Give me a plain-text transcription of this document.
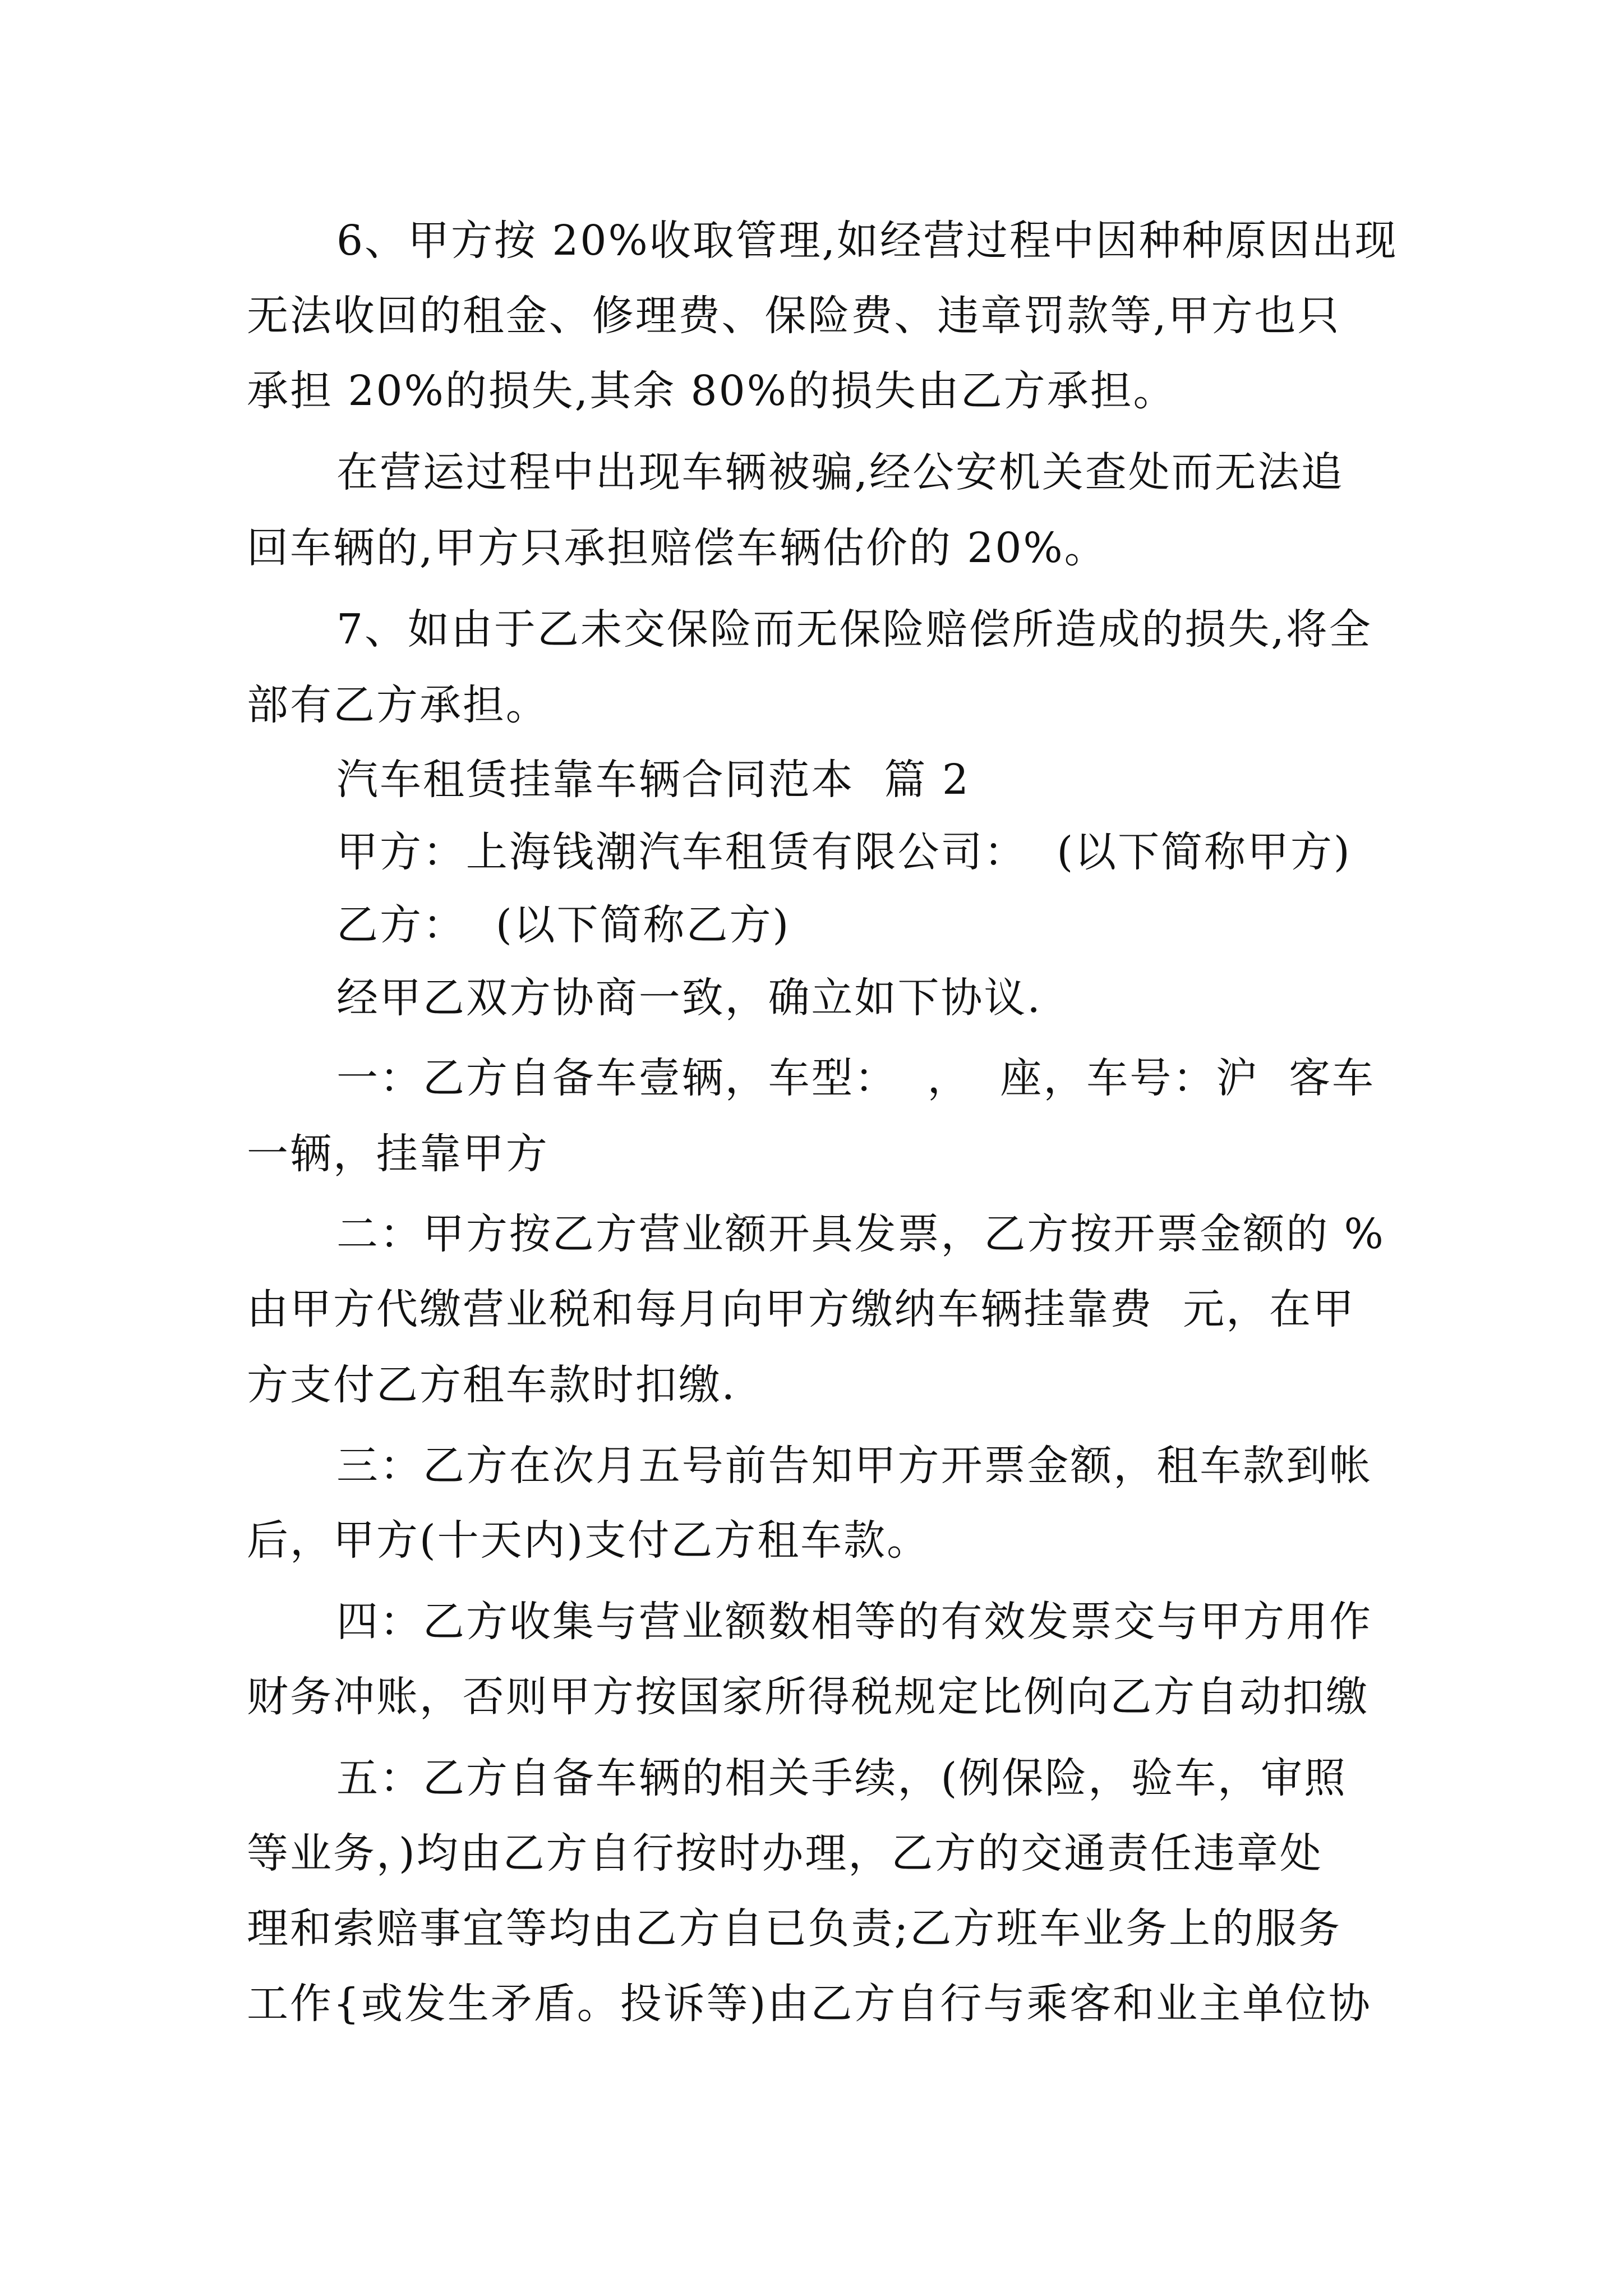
6、甲方按 20%收取管理,如经营过程中因种种原因出现
无法收回的租金、修理费、保险费、违章罚款等,甲方也只
承担 20%的损失,其余 80%的损失由乙方承担。
在营运过程中出现车辆被骗,经公安机关查处而无法追
回车辆的,甲方只承担赔偿车辆估价的 20%。
7、如由于乙未交保险而无保险赔偿所造成的损失,将全
部有乙方承担。
汽车租赁挂靠车辆合同范本  篇 2
甲方：上海钱潮汽车租赁有限公司：  (以下简称甲方)
乙方：  (以下简称乙方)
经甲乙双方协商一致，确立如下协议.
一：乙方自备车壹辆，车型：  ，  座，车号：沪  客车
一辆，挂靠甲方
二：甲方按乙方营业额开具发票，乙方按开票金额的 %
由甲方代缴营业税和每月向甲方缴纳车辆挂靠费  元，在甲
方支付乙方租车款时扣缴.
三：乙方在次月五号前告知甲方开票金额，租车款到帐
后，甲方(十天内)支付乙方租车款。
四：乙方收集与营业额数相等的有效发票交与甲方用作
财务冲账，否则甲方按国家所得税规定比例向乙方自动扣缴
五：乙方自备车辆的相关手续，(例保险，验车，审照
等业务，)均由乙方自行按时办理，乙方的交通责任违章处
理和索赔事宜等均由乙方自已负责;乙方班车业务上的服务
工作{或发生矛盾。投诉等)由乙方自行与乘客和业主单位协
